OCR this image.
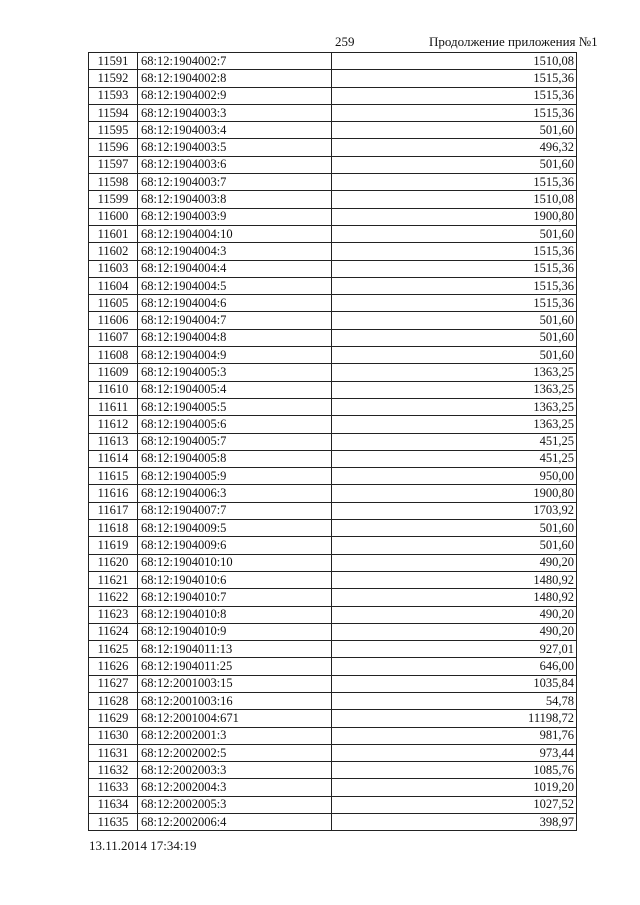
259	Продолжение приложения №1
11591	68:12:1904002:7	1510,08
11592	68:12:1904002:8	1515,36
11593	68:12:1904002:9	1515,36
11594	68:12:1904003:3	1515,36
11595	68:12:1904003:4	501,60
11596	68:12:1904003:5	496,32
11597	68:12:1904003:6	501,60
11598	68:12:1904003:7	1515,36
11599	68:12:1904003:8	1510,08
11600	68:12:1904003:9	1900,80
11601	68:12:1904004:10	501,60
11602	68:12:1904004:3	1515,36
11603	68:12:1904004:4	1515,36
11604	68:12:1904004:5	1515,36
11605	68:12:1904004:6	1515,36
11606	68:12:1904004:7	501,60
11607	68:12:1904004:8	501,60
11608	68:12:1904004:9	501,60
11609	68:12:1904005:3	1363,25
11610	68:12:1904005:4	1363,25
11611	68:12:1904005:5	1363,25
11612	68:12:1904005:6	1363,25
11613	68:12:1904005:7	451,25
11614	68:12:1904005:8	451,25
11615	68:12:1904005:9	950,00
11616	68:12:1904006:3	1900,80
11617	68:12:1904007:7	1703,92
11618	68:12:1904009:5	501,60
11619	68:12:1904009:6	501,60
11620	68:12:1904010:10	490,20
11621	68:12:1904010:6	1480,92
11622	68:12:1904010:7	1480,92
11623	68:12:1904010:8	490,20
11624	68:12:1904010:9	490,20
11625	68:12:1904011:13	927,01
11626	68:12:1904011:25	646,00
11627	68:12:2001003:15	1035,84
11628	68:12:2001003:16	54,78
11629	68:12:2001004:671	11198,72
11630	68:12:2002001:3	981,76
11631	68:12:2002002:5	973,44
11632	68:12:2002003:3	1085,76
11633	68:12:2002004:3	1019,20
11634	68:12:2002005:3	1027,52
11635	68:12:2002006:4	398,97
13.11.2014 17:34:19
